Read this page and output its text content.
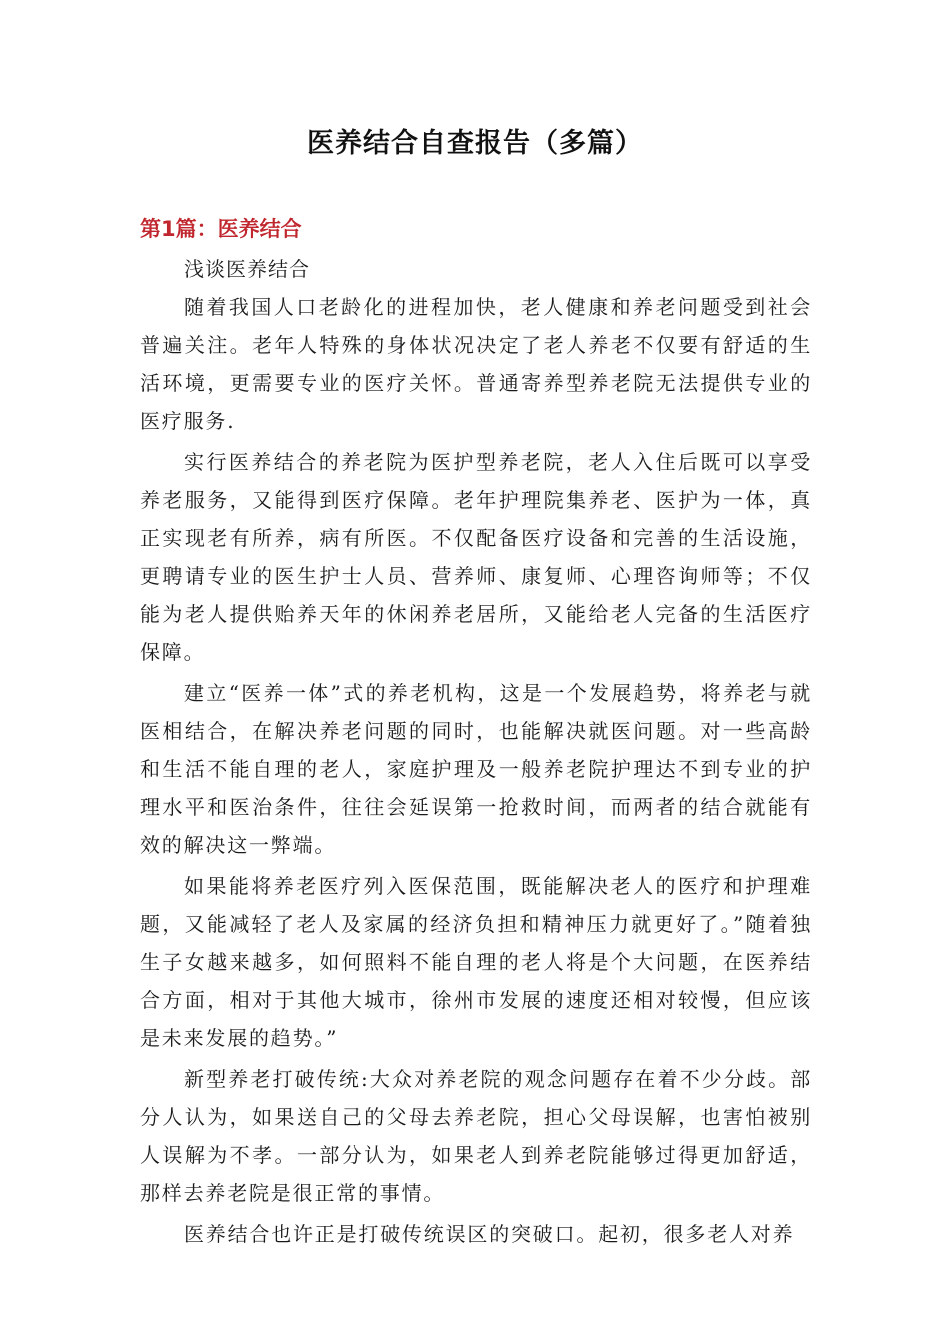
医养结合自查报告（多篇）
第1篇：医养结合

浅谈医养结合

随着我国人口老龄化的进程加快，老人健康和养老问题受到社会普遍关注。老年人特殊的身体状况决定了老人养老不仅要有舒适的生活环境，更需要专业的医疗关怀。普通寄养型养老院无法提供专业的医疗服务.

实行医养结合的养老院为医护型养老院，老人入住后既可以享受养老服务，又能得到医疗保障。老年护理院集养老、医护为一体，真正实现老有所养，病有所医。不仅配备医疗设备和完善的生活设施，更聘请专业的医生护士人员、营养师、康复师、心理咨询师等；不仅能为老人提供贻养天年的休闲养老居所，又能给老人完备的生活医疗保障。

建立“医养一体”式的养老机构，这是一个发展趋势，将养老与就医相结合，在解决养老问题的同时，也能解决就医问题。对一些高龄和生活不能自理的老人，家庭护理及一般养老院护理达不到专业的护理水平和医治条件，往往会延误第一抢救时间，而两者的结合就能有效的解决这一弊端。

如果能将养老医疗列入医保范围，既能解决老人的医疗和护理难题，又能减轻了老人及家属的经济负担和精神压力就更好了。”随着独生子女越来越多，如何照料不能自理的老人将是个大问题，在医养结合方面，相对于其他大城市，徐州市发展的速度还相对较慢，但应该是未来发展的趋势。”

新型养老打破传统:大众对养老院的观念问题存在着不少分歧。部分人认为，如果送自己的父母去养老院，担心父母误解，也害怕被别人误解为不孝。一部分认为，如果老人到养老院能够过得更加舒适，那样去养老院是很正常的事情。

医养结合也许正是打破传统误区的突破口。起初，很多老人对养
